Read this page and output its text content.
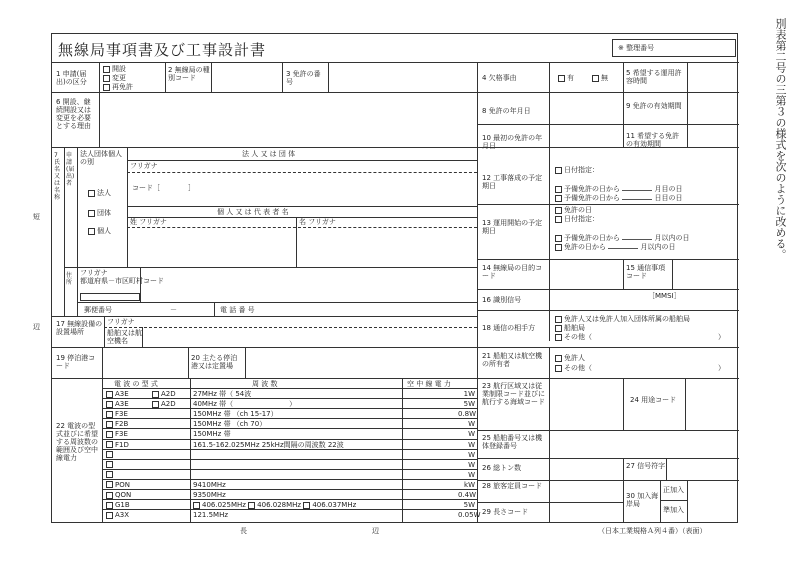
別表第二号の三第３の様式を次のように改める。
短
辺
無線局事項書及び工事設計書	※ 整理番号
1 申請(届出)の区分
開設
変更
再免許
2 無線局の種別コード	3 免許の番号
6 開設、継続開設又は変更を必要とする理由
7 氏名又は名称
申請(届出)者
法人団体個人の別
法 人 又 は 団 体
フリガナ
法人
コード［　　　　］
団体
個人
個 人 又 は 代 表 者 名
姓 フリガナ	名 フリガナ
住所
フリガナ
都道府県－市区町村コード
郵便番号	－	電 話 番 号
17 無線設備の設置場所
フリガナ
船舶又は航空機名
19 停泊港コード
20 主たる停泊港又は定置場
22 電波の型式並びに希望する周波数の範囲及び空中線電力
電 波 の 型 式	周 波 数	空 中 線 電 力
A3E	A2D 27MHz 帯（ 54波	1W
A3E	A2D 40MHz 帯（　　　　　　　　）	5W
F3E	150MHz 帯 （ch 15-17）	0.8W
F2B	150MHz 帯 （ch 70）	W
F3E	150MHz 帯	W
F1D	161.5-162.025MHz 25kHz間隔の周波数 22波	W
W
W
W
PON	9410MHz	kW
QON	9350MHz	0.4W
G1B	406.025MHz 406.028MHz 406.037MHz	5W
A3X	121.5MHz	0.05W
4 欠格事由	有	無
5 希望する運用許容時間
8 免許の年月日
9 免許の有効期間
10 最初の免許の年月日
11 希望する免許の有効期間
12 工事落成の予定期日
日付指定：
予備免許の日から	月目の日
予備免許の日から	日目の日
13 運用開始の予定期日
免許の日
日付指定：
予備免許の日から	月以内の日
免許の日から	月以内の日
14 無線局の目的コード
15 通信事項コード
16 識別信号	［MMSI］
18 通信の相手方
免許人又は免許人加入団体所属の船舶局
船舶局
その他（	）
21 船舶又は航空機の所有者
免許人
その他（	）
23 航行区域又は従業制限コード並びに航行する海域コード	24 用途コード
25 船舶番号又は機体登録番号
26 総トン数	27 信号符字
28 旅客定員コード
30 加入海岸局
正加入
準加入
29 長さコード
長	辺	（日本工業規格Ａ列４番）（表面）
